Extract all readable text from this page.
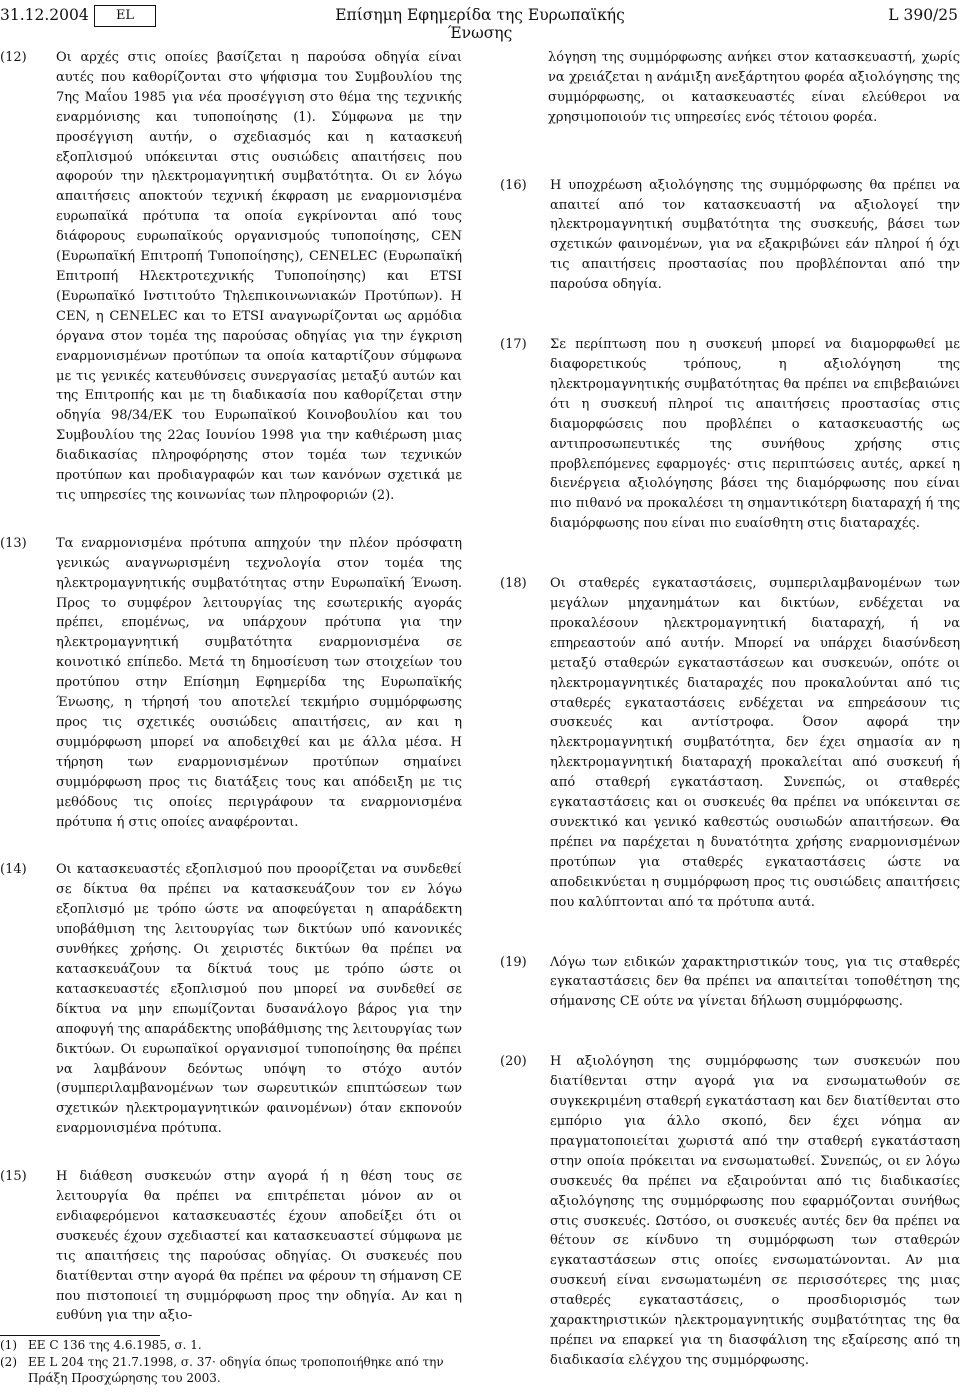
31.12.2004	EL	Επίσημη Εφημερίδα της Ευρωπαϊκής Ένωσης
L 390/25
(12) Οι αρχές στις οποίες βασίζεται η παρούσα οδηγία είναι αυτές που καθορίζονται στο ψήφισμα του Συμβουλίου της 7ης Μαΐου 1985 για νέα προσέγγιση στο θέμα της τεχνικής εναρμόνισης και τυποποίησης (1). Σύμφωνα με την προσέγγιση αυτήν, ο σχεδιασμός και η κατασκευή εξοπλισμού υπόκεινται στις ουσιώδεις απαιτήσεις που αφορούν την ηλεκτρομαγνητική συμβατότητα. Οι εν λόγω απαιτήσεις αποκτούν τεχνική έκφραση με εναρμονισμένα ευρωπαϊκά πρότυπα τα οποία εγκρίνονται από τους διάφορους ευρωπαϊκούς οργανισμούς τυποποίησης, CEN (Ευρωπαϊκή Επιτροπή Τυποποίησης), CENELEC (Ευρωπαϊκή Επιτροπή Ηλεκτροτεχνικής Τυποποίησης) και ETSI (Ευρωπαϊκό Ινστιτούτο Τηλεπικοινωνιακών Προτύπων). Η CEN, η CENELEC και το ETSI αναγνωρίζονται ως αρμόδια όργανα στον τομέα της παρούσας οδηγίας για την έγκριση εναρμονισμένων προτύπων τα οποία καταρτίζουν σύμφωνα με τις γενικές κατευθύνσεις συνεργασίας μεταξύ αυτών και της Επιτροπής και με τη διαδικασία που καθορίζεται στην οδηγία 98/34/ΕΚ του Ευρωπαϊκού Κοινοβουλίου και του Συμβουλίου της 22ας Ιουνίου 1998 για την καθιέρωση μιας διαδικασίας πληροφόρησης στον τομέα των τεχνικών προτύπων και προδιαγραφών και των κανόνων σχετικά με τις υπηρεσίες της κοινωνίας των πληροφοριών (2).
(13) Τα εναρμονισμένα πρότυπα απηχούν την πλέον πρόσφατη γενικώς αναγνωρισμένη τεχνολογία στον τομέα της ηλεκτρομαγνητικής συμβατότητας στην Ευρωπαϊκή Ένωση. Προς το συμφέρον λειτουργίας της εσωτερικής αγοράς πρέπει, επομένως, να υπάρχουν πρότυπα για την ηλεκτρομαγνητική συμβατότητα εναρμονισμένα σε κοινοτικό επίπεδο. Μετά τη δημοσίευση των στοιχείων του προτύπου στην Επίσημη Εφημερίδα της Ευρωπαϊκής Ένωσης, η τήρησή του αποτελεί τεκμήριο συμμόρφωσης προς τις σχετικές ουσιώδεις απαιτήσεις, αν και η συμμόρφωση μπορεί να αποδειχθεί και με άλλα μέσα. Η τήρηση των εναρμονισμένων προτύπων σημαίνει συμμόρφωση προς τις διατάξεις τους και απόδειξη με τις μεθόδους τις οποίες περιγράφουν τα εναρμονισμένα πρότυπα ή στις οποίες αναφέρονται.
(14) Οι κατασκευαστές εξοπλισμού που προορίζεται να συνδεθεί σε δίκτυα θα πρέπει να κατασκευάζουν τον εν λόγω εξοπλισμό με τρόπο ώστε να αποφεύγεται η απαράδεκτη υποβάθμιση της λειτουργίας των δικτύων υπό κανονικές συνθήκες χρήσης. Οι χειριστές δικτύων θα πρέπει να κατασκευάζουν τα δίκτυά τους με τρόπο ώστε οι κατασκευαστές εξοπλισμού που μπορεί να συνδεθεί σε δίκτυα να μην επωμίζονται δυσανάλογο βάρος για την αποφυγή της απαράδεκτης υποβάθμισης της λειτουργίας των δικτύων. Οι ευρωπαϊκοί οργανισμοί τυποποίησης θα πρέπει να λαμβάνουν δεόντως υπόψη το στόχο αυτόν (συμπεριλαμβανομένων των σωρευτικών επιπτώσεων των σχετικών ηλεκτρομαγνητικών φαινομένων) όταν εκπονούν εναρμονισμένα πρότυπα.
(15) Η διάθεση συσκευών στην αγορά ή η θέση τους σε λειτουργία θα πρέπει να επιτρέπεται μόνον αν οι ενδιαφερόμενοι κατασκευαστές έχουν αποδείξει ότι οι συσκευές έχουν σχεδιαστεί και κατασκευαστεί σύμφωνα με τις απαιτήσεις της παρούσας οδηγίας. Οι συσκευές που διατίθενται στην αγορά θα πρέπει να φέρουν τη σήμανση CE που πιστοποιεί τη συμμόρφωση προς την οδηγία. Αν και η ευθύνη για την αξιο-
λόγηση της συμμόρφωσης ανήκει στον κατασκευαστή, χωρίς να χρειάζεται η ανάμιξη ανεξάρτητου φορέα αξιολόγησης της συμμόρφωσης, οι κατασκευαστές είναι ελεύθεροι να χρησιμοποιούν τις υπηρεσίες ενός τέτοιου φορέα.
(16) Η υποχρέωση αξιολόγησης της συμμόρφωσης θα πρέπει να απαιτεί από τον κατασκευαστή να αξιολογεί την ηλεκτρομαγνητική συμβατότητα της συσκευής, βάσει των σχετικών φαινομένων, για να εξακριβώνει εάν πληροί ή όχι τις απαιτήσεις προστασίας που προβλέπονται από την παρούσα οδηγία.
(17) Σε περίπτωση που η συσκευή μπορεί να διαμορφωθεί με διαφορετικούς τρόπους, η αξιολόγηση της ηλεκτρομαγνητικής συμβατότητας θα πρέπει να επιβεβαιώνει ότι η συσκευή πληροί τις απαιτήσεις προστασίας στις διαμορφώσεις που προβλέπει ο κατασκευαστής ως αντιπροσωπευτικές της συνήθους χρήσης στις προβλεπόμενες εφαρμογές· στις περιπτώσεις αυτές, αρκεί η διενέργεια αξιολόγησης βάσει της διαμόρφωσης που είναι πιο πιθανό να προκαλέσει τη σημαντικότερη διαταραχή ή της διαμόρφωσης που είναι πιο ευαίσθητη στις διαταραχές.
(18) Οι σταθερές εγκαταστάσεις, συμπεριλαμβανομένων των μεγάλων μηχανημάτων και δικτύων, ενδέχεται να προκαλέσουν ηλεκτρομαγνητική διαταραχή, ή να επηρεαστούν από αυτήν. Μπορεί να υπάρχει διασύνδεση μεταξύ σταθερών εγκαταστάσεων και συσκευών, οπότε οι ηλεκτρομαγνητικές διαταραχές που προκαλούνται από τις σταθερές εγκαταστάσεις ενδέχεται να επηρεάσουν τις συσκευές και αντίστροφα. Όσον αφορά την ηλεκτρομαγνητική συμβατότητα, δεν έχει σημασία αν η ηλεκτρομαγνητική διαταραχή προκαλείται από συσκευή ή από σταθερή εγκατάσταση. Συνεπώς, οι σταθερές εγκαταστάσεις και οι συσκευές θα πρέπει να υπόκεινται σε συνεκτικό και γενικό καθεστώς ουσιωδών απαιτήσεων. Θα πρέπει να παρέχεται η δυνατότητα χρήσης εναρμονισμένων προτύπων για σταθερές εγκαταστάσεις ώστε να αποδεικνύεται η συμμόρφωση προς τις ουσιώδεις απαιτήσεις που καλύπτονται από τα πρότυπα αυτά.
(19) Λόγω των ειδικών χαρακτηριστικών τους, για τις σταθερές εγκαταστάσεις δεν θα πρέπει να απαιτείται τοποθέτηση της σήμανσης CE ούτε να γίνεται δήλωση συμμόρφωσης.
(20) Η αξιολόγηση της συμμόρφωσης των συσκευών που διατίθενται στην αγορά για να ενσωματωθούν σε συγκεκριμένη σταθερή εγκατάσταση και δεν διατίθενται στο εμπόριο για άλλο σκοπό, δεν έχει νόημα αν πραγματοποιείται χωριστά από την σταθερή εγκατάσταση στην οποία πρόκειται να ενσωματωθεί. Συνεπώς, οι εν λόγω συσκευές θα πρέπει να εξαιρούνται από τις διαδικασίες αξιολόγησης της συμμόρφωσης που εφαρμόζονται συνήθως στις συσκευές. Ωστόσο, οι συσκευές αυτές δεν θα πρέπει να θέτουν σε κίνδυνο τη συμμόρφωση των σταθερών εγκαταστάσεων στις οποίες ενσωματώνονται. Αν μια συσκευή είναι ενσωματωμένη σε περισσότερες της μιας σταθερές εγκαταστάσεις, ο προσδιορισμός των χαρακτηριστικών ηλεκτρομαγνητικής συμβατότητας της θα πρέπει να επαρκεί για τη διασφάλιση της εξαίρεσης από τη διαδικασία ελέγχου της συμμόρφωσης.
(1) ΕΕ C 136 της 4.6.1985, σ. 1.
(2) ΕΕ L 204 της 21.7.1998, σ. 37· οδηγία όπως τροποποιήθηκε από την Πράξη Προσχώρησης του 2003.
